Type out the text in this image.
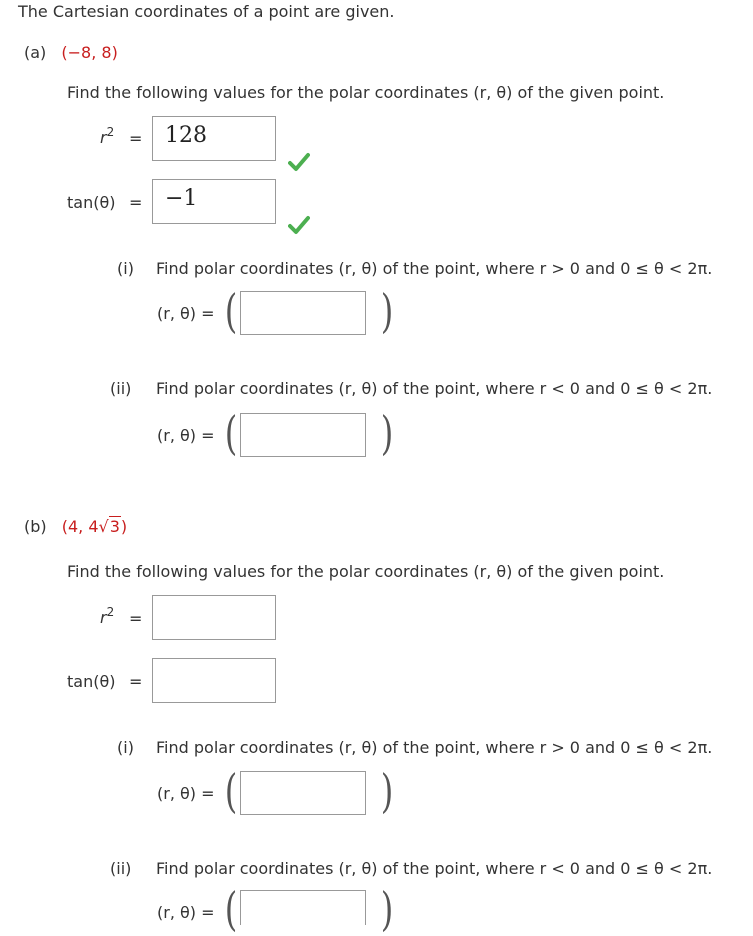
The Cartesian coordinates of a point are given.
(a) (−8, 8)
Find the following values for the polar coordinates (r, θ) of the given point.
$r^2$ =	128
tan(θ) =	−1
(i) Find polar coordinates (r, θ) of the point, where r > 0 and 0 ≤ θ < 2π.
(r, θ) = (	)
(ii) Find polar coordinates (r, θ) of the point, where r < 0 and 0 ≤ θ < 2π.
(r, θ) = (	)
(b) (4, 4√3)
Find the following values for the polar coordinates (r, θ) of the given point.
$r^2$ =
tan(θ) =
(i) Find polar coordinates (r, θ) of the point, where r > 0 and 0 ≤ θ < 2π.
(r, θ) = (	)
(ii) Find polar coordinates (r, θ) of the point, where r < 0 and 0 ≤ θ < 2π.
(r, θ) = (	)
